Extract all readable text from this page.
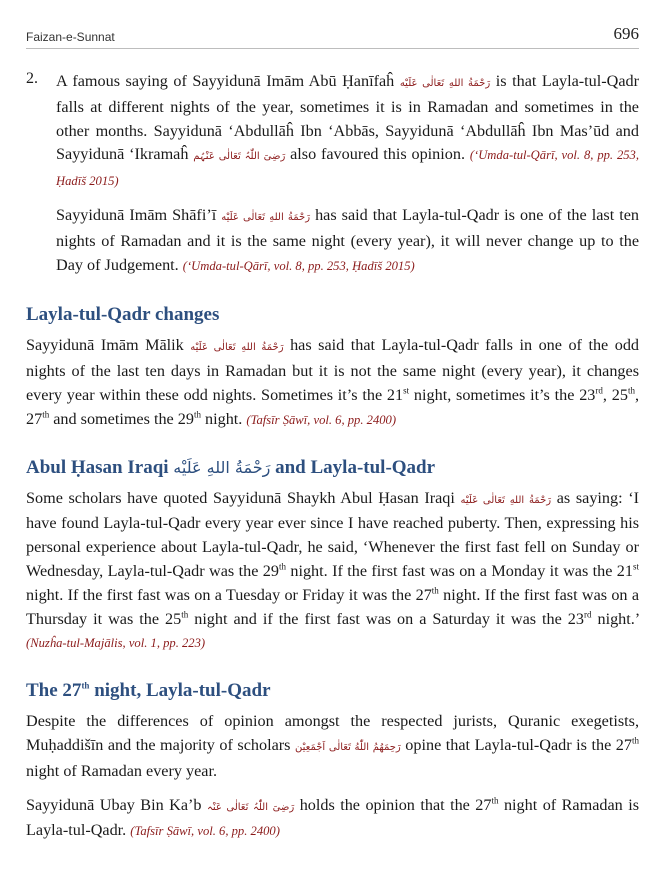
Faizan-e-Sunnat	696
2.	A famous saying of Sayyidunā Imām Abū Ḥanīfaĥ رَحْمَةُ اللهِ تَعَالٰی عَلَیْه is that Layla-tul-Qadr falls at different nights of the year, sometimes it is in Ramadan and sometimes in the other months. Sayyidunā ‘Abdullāĥ Ibn ‘Abbās, Sayyidunā ‘Abdullāĥ Ibn Mas’ūd and Sayyidunā ‘Ikramaĥ رَضِیَ اللّٰہُ تَعَالٰی عَنْہُم also favoured this opinion. (‘Umda-tul-Qārī, vol. 8, pp. 253, Ḥadīš 2015)

Sayyidunā Imām Shāfi’ī رَحْمَةُ اللهِ تَعَالٰی عَلَیْه has said that Layla-tul-Qadr is one of the last ten nights of Ramadan and it is the same night (every year), it will never change up to the Day of Judgement. (‘Umda-tul-Qārī, vol. 8, pp. 253, Ḥadīš 2015)

Layla-tul-Qadr changes

Sayyidunā Imām Mālik رَحْمَةُ اللهِ تَعَالٰی عَلَیْه has said that Layla-tul-Qadr falls in one of the odd nights of the last ten days in Ramadan but it is not the same night (every year), it changes every year within these odd nights. Sometimes it’s the 21st night, sometimes it’s the 23rd, 25th, 27th and sometimes the 29th night. (Tafsīr Ṣāwī, vol. 6, pp. 2400)

Abul Ḥasan Iraqi رَحْمَةُ اللهِ عَلَيْه and Layla-tul-Qadr

Some scholars have quoted Sayyidunā Shaykh Abul Ḥasan Iraqi رَحْمَةُ اللهِ تَعَالٰی عَلَیْه as saying: ‘I have found Layla-tul-Qadr every year ever since I have reached puberty. Then, expressing his personal experience about Layla-tul-Qadr, he said, ‘Whenever the first fast fell on Sunday or Wednesday, Layla-tul-Qadr was the 29th night. If the first fast was on a Monday it was the 21st night. If the first fast was on a Tuesday or Friday it was the 27th night. If the first fast was on a Thursday it was the 25th night and if the first fast was on a Saturday it was the 23rd night.’ (Nuzĥa-tul-Majālis, vol. 1, pp. 223)

The 27th night, Layla-tul-Qadr

Despite the differences of opinion amongst the respected jurists, Quranic exegetists, Muḥaddišīn and the majority of scholars رَحِمَهُمُ اللّٰهُ تَعَالٰی اَجْمَعِیْن opine that Layla-tul-Qadr is the 27th night of Ramadan every year.

Sayyidunā Ubay Bin Ka’b رَضِیَ اللّٰہُ تَعَالٰی عَنْہ holds the opinion that the 27th night of Ramadan is Layla-tul-Qadr. (Tafsīr Ṣāwī, vol. 6, pp. 2400)
